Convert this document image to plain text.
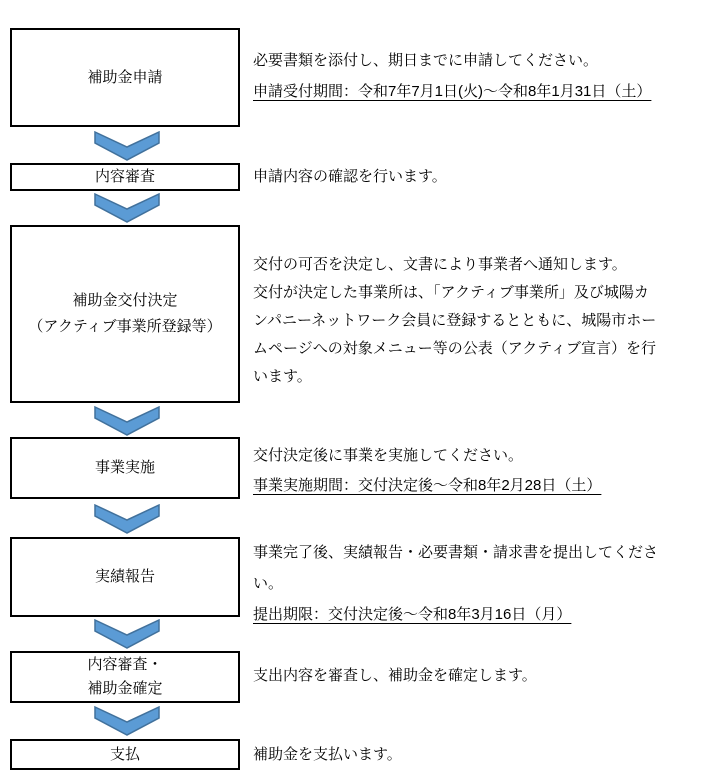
補助金申請
必要書類を添付し、期日までに申請してください。
申請受付期間：令和7年7月1日(火)～令和8年1月31日（土）
内容審査	申請内容の確認を行います。
補助金交付決定
（アクティブ事業所登録等）
交付の可否を決定し、文書により事業者へ通知します。
交付が決定した事業所は、「アクティブ事業所」及び城陽カ
ンパニーネットワーク会員に登録するとともに、城陽市ホー
ムページへの対象メニュー等の公表（アクティブ宣言）を行
います。
事業実施
交付決定後に事業を実施してください。
事業実施期間：交付決定後～令和8年2月28日（土）
実績報告
事業完了後、実績報告・必要書類・請求書を提出してくださ
い。
提出期限：交付決定後～令和8年3月16日（月）
内容審査・
補助金確定
支出内容を審査し、補助金を確定します。
支払	補助金を支払います。
